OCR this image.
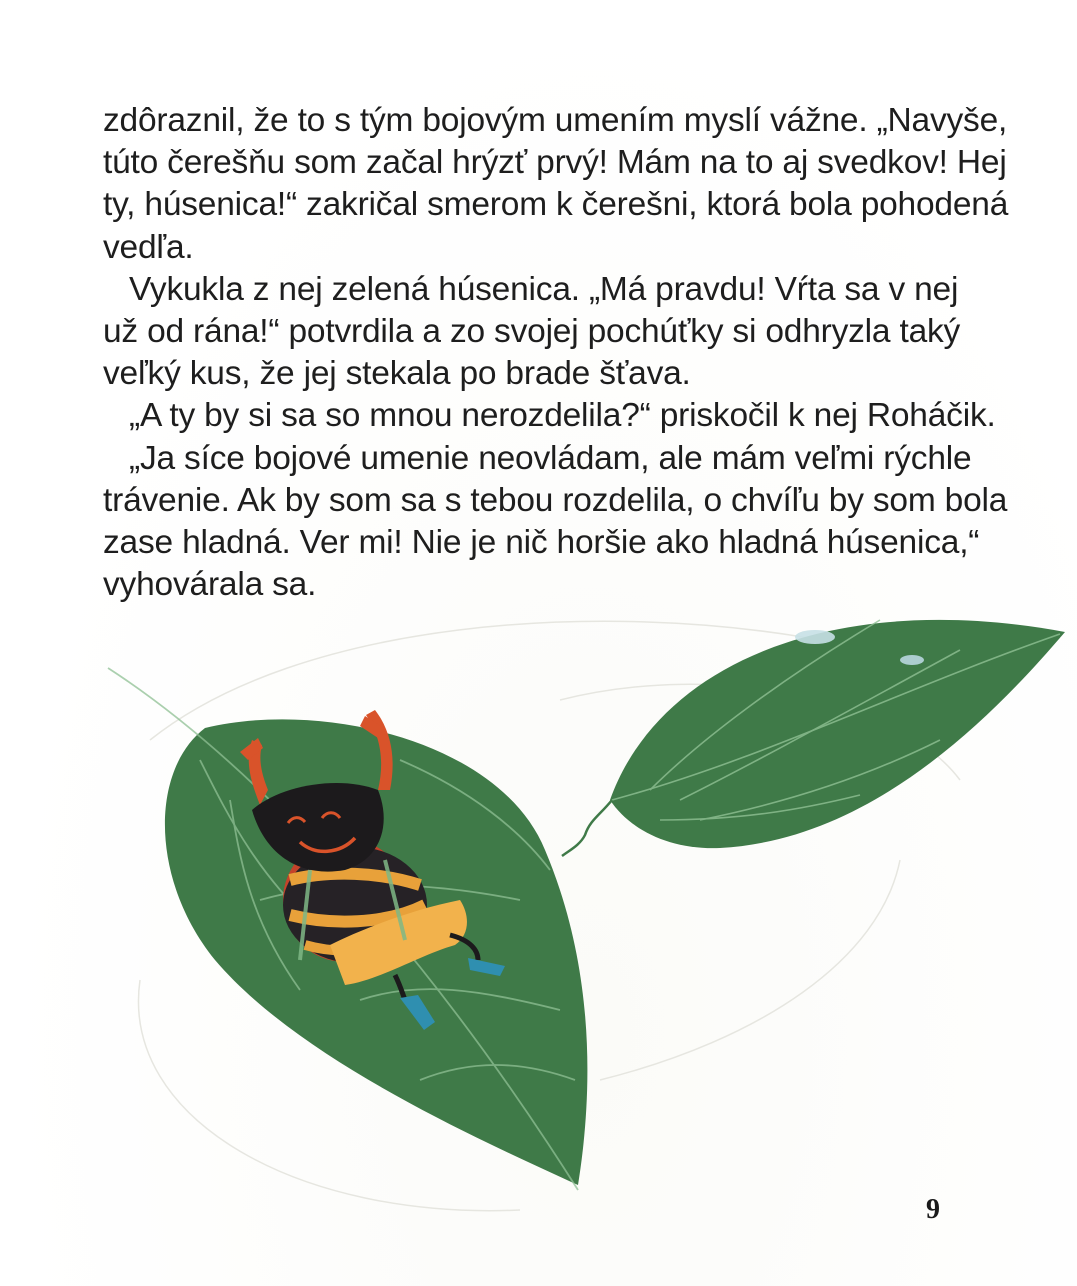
zdôraznil, že to s tým bojovým umením myslí vážne. „Navyše,
túto čerešňu som začal hrýzť prvý! Mám na to aj svedkov! Hej
ty, húsenica!“ zakričal smerom k čerešni, ktorá bola pohodená
vedľa.

Vykukla z nej zelená húsenica. „Má pravdu! Vŕta sa v nej
už od rána!“ potvrdila a zo svojej pochúťky si odhryzla taký
veľký kus, že jej stekala po brade šťava.

„A ty by si sa so mnou nerozdelila?“ priskočil k nej Roháčik.

„Ja síce bojové umenie neovládam, ale mám veľmi rýchle
trávenie. Ak by som sa s tebou rozdelila, o chvíľu by som bola
zase hladná. Ver mi! Nie je nič horšie ako hladná húsenica,“
vyhovárala sa.

9
